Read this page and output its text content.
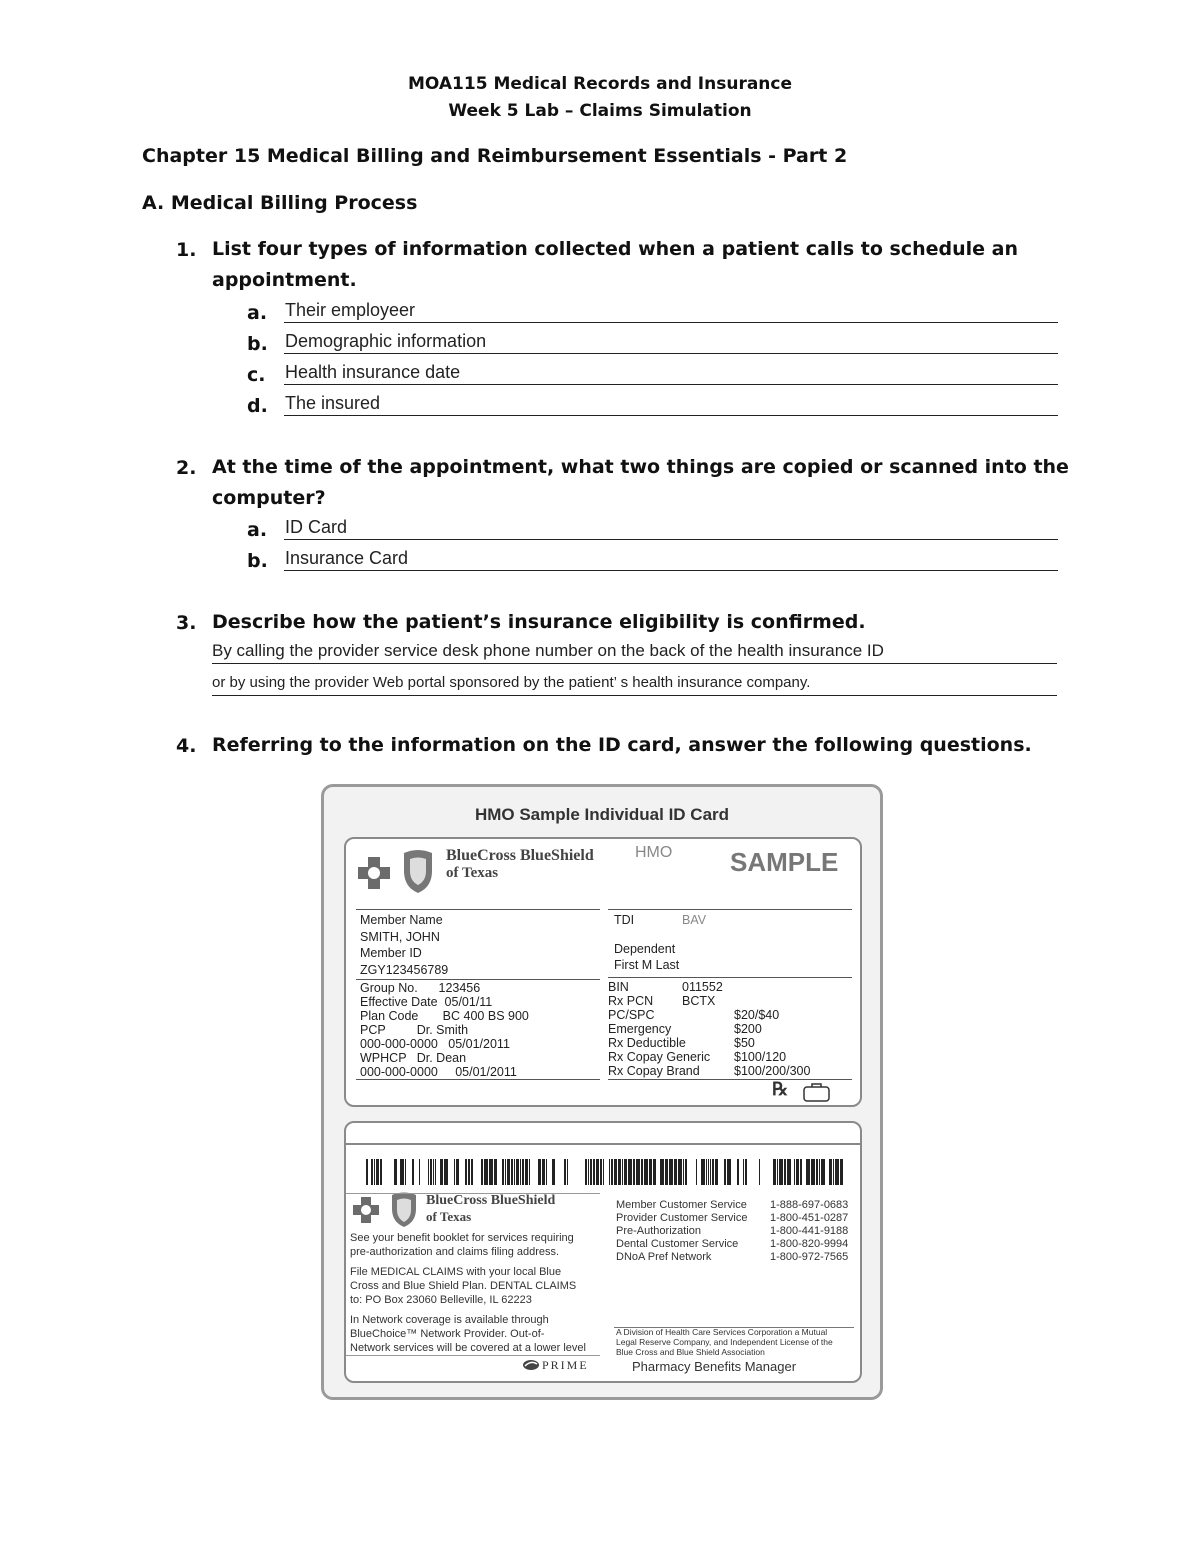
MOA115 Medical Records and Insurance
Week 5 Lab – Claims Simulation
Chapter 15 Medical Billing and Reimbursement Essentials - Part 2
A. Medical Billing Process
1. List four types of information collected when a patient calls to schedule an
appointment.
a. Their employeer
b. Demographic information
c. Health insurance date
d. The insured
2. At the time of the appointment, what two things are copied or scanned into the
computer?
a. ID Card
b. Insurance Card
3. Describe how the patient’s insurance eligibility is confirmed.
By calling the provider service desk phone number on the back of the health insurance ID
or by using the provider Web portal sponsored by the patient’ s health insurance company.
4. Referring to the information on the ID card, answer the following questions.
HMO Sample Individual ID Card
BlueCross BlueShield
of Texas
HMO SAMPLE
Member Name
SMITH, JOHN
Member ID
ZGY123456789
TDI	BAV
Dependent
First M Last
Group No.      123456
Effective Date  05/01/11
Plan Code       BC 400 BS 900
PCP         Dr. Smith
000-000-0000   05/01/2011
WPHCP   Dr. Dean
000-000-0000     05/01/2011
BIN	011552
Rx PCN BCTX
PC/SPC	$20/$40
Emergency	$200
Rx Deductible	$50
Rx Copay Generic $100/120
Rx Copay Brand	$100/200/300
℞
BlueCross BlueShield
of Texas
See your benefit booklet for services requiring
pre-authorization and claims filing address.
File MEDICAL CLAIMS with your local Blue
Cross and Blue Shield Plan. DENTAL CLAIMS
to: PO Box 23060 Belleville, IL 62223
In Network coverage is available through
BlueChoice™ Network Provider. Out-of-
Network services will be covered at a lower level
Member Customer Service 1-888-697-0683
Provider Customer Service 1-800-451-0287
Pre-Authorization	1-800-441-9188
Dental Customer Service	1-800-820-9994
DNoA Pref Network	1-800-972-7565
A Division of Health Care Services Corporation a Mutual
Legal Reserve Company, and Independent License of the
Blue Cross and Blue Shield Association
PRIME	Pharmacy Benefits Manager
